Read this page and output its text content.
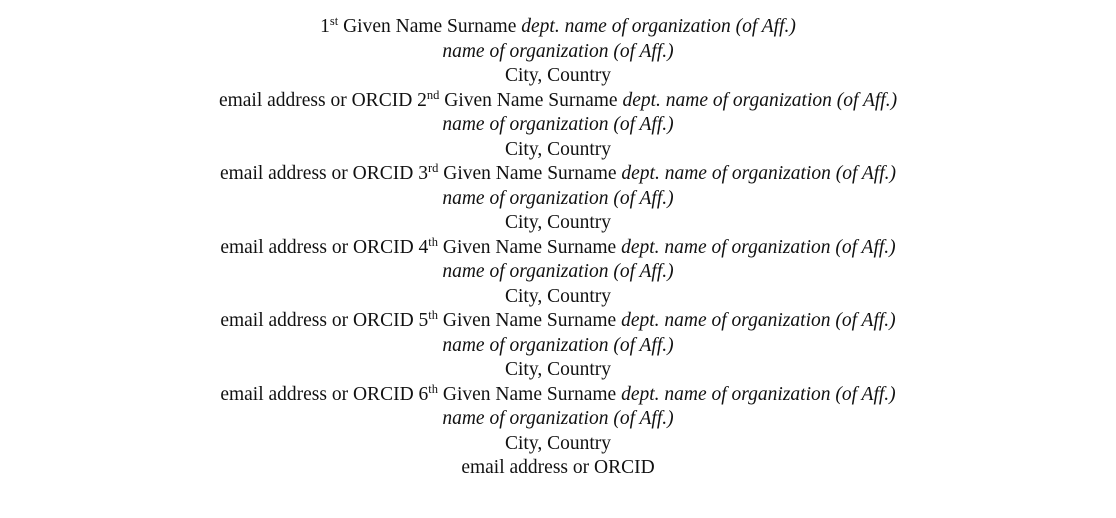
1st Given Name Surname dept. name of organization (of Aff.)
name of organization (of Aff.)
City, Country
email address or ORCID 2nd Given Name Surname dept. name of organization (of Aff.)
name of organization (of Aff.)
City, Country
email address or ORCID 3rd Given Name Surname dept. name of organization (of Aff.)
name of organization (of Aff.)
City, Country
email address or ORCID 4th Given Name Surname dept. name of organization (of Aff.)
name of organization (of Aff.)
City, Country
email address or ORCID 5th Given Name Surname dept. name of organization (of Aff.)
name of organization (of Aff.)
City, Country
email address or ORCID 6th Given Name Surname dept. name of organization (of Aff.)
name of organization (of Aff.)
City, Country
email address or ORCID
